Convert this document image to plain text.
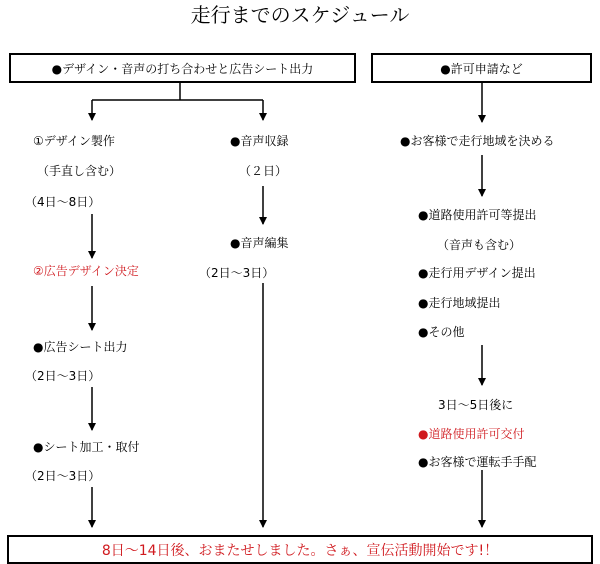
走行までのスケジュール
●デザイン・音声の打ち合わせと広告シート出力	●許可申請など
①デザイン製作
（手直し含む）
（4日～8日）
②広告デザイン決定
●広告シート出力
（2日～3日）
●シート加工・取付
（2日～3日）
●音声収録
（２日）
●音声編集
（2日～3日）
●お客様で走行地域を決める
●道路使用許可等提出
（音声も含む）
●走行用デザイン提出
●走行地域提出
●その他
3日～5日後に
●道路使用許可交付
●お客様で運転手手配
8日～14日後、おまたせしました。さぁ、宣伝活動開始です!！
